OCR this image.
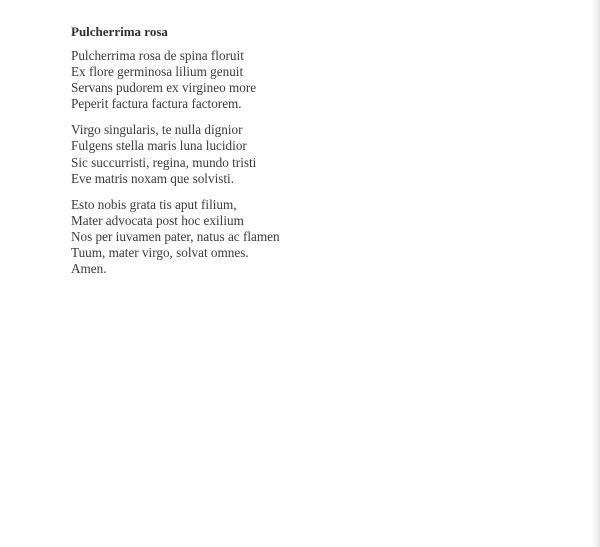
Pulcherrima rosa
Pulcherrima rosa de spina floruit
Ex flore germinosa lilium genuit
Servans pudorem ex virgineo more
Peperit factura factura factorem.
Virgo singularis, te nulla dignior
Fulgens stella maris luna lucidior
Sic succurristi, regina, mundo tristi
Eve matris noxam que solvisti.
Esto nobis grata tis aput filium,
Mater advocata post hoc exilium
Nos per iuvamen pater, natus ac flamen
Tuum, mater virgo, solvat omnes.
Amen.
